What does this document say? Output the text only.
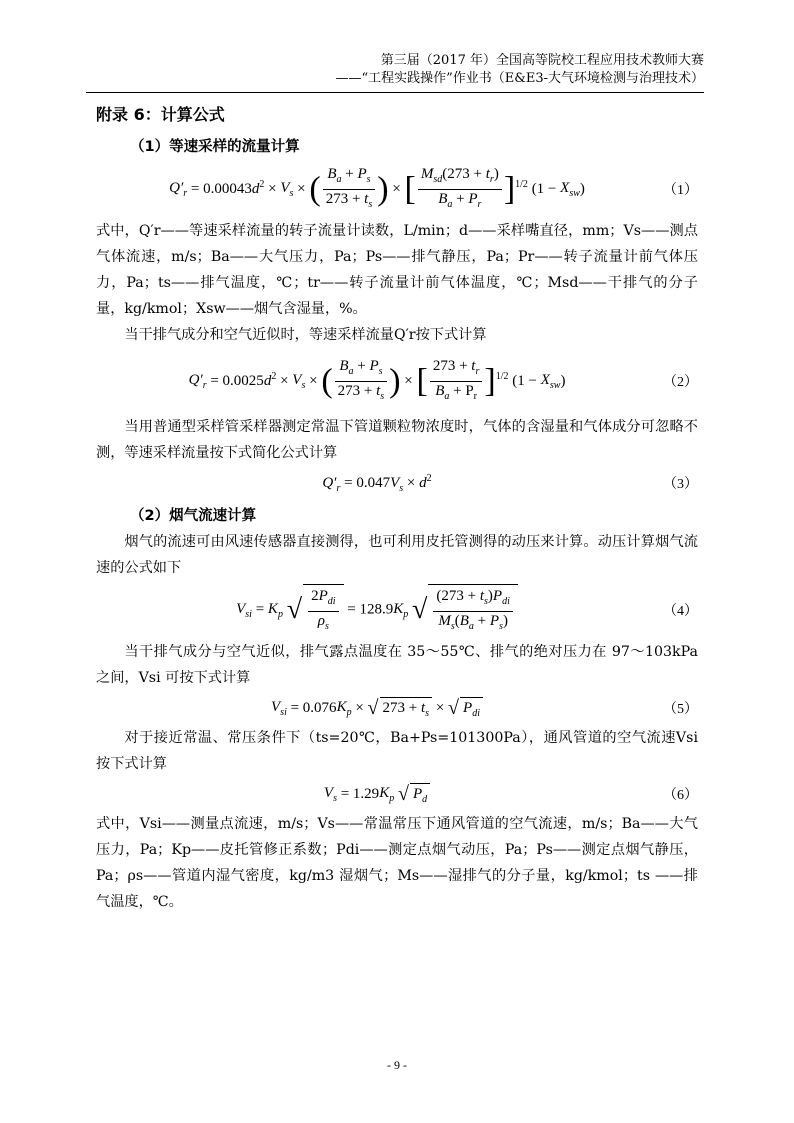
第三届（2017 年）全国高等院校工程应用技术教师大赛
——“工程实践操作”作业书（E&E3-大气环境检测与治理技术）
附录 6：计算公式
（1）等速采样的流量计算
$Q'_r = 0.00043d^2 \times V_s$ × ( $\frac{B_a + P_s}{273 + t_s}$ ) × [ $\frac{M_{sd}(273 + t_r)}{B_a + P_r} ]^{1/2}$ $(1 - X_{sw})$	（1）

式中，Q′r——等速采样流量的转子流量计读数，L/min；d——采样嘴直径，mm；Vs——测点气体流速，m/s；Ba——大气压力，Pa；Ps——排气静压，Pa；Pr——转子流量计前气体压力，Pa；ts——排气温度，℃；tr——转子流量计前气体温度，℃；Msd——干排气的分子量，kg/kmol；Xsw——烟气含湿量，%。

当干排气成分和空气近似时，等速采样流量Q′r按下式计算

$Q'_r = 0.0025d^2 \times V_s$ × ( $\frac{B_a + P_s}{273 + t_s}$ ) × [ $\frac{273 + t_r}{B_a + P_r} ]^{1/2}$ $(1 - X_{sw})$	（2）

当用普通型采样管采样器测定常温下管道颗粒物浓度时，气体的含湿量和气体成分可忽略不测，等速采样流量按下式简化公式计算

$Q'_r = 0.047V_s \times d^2$	（3）
（2）烟气流速计算

烟气的流速可由风速传感器直接测得，也可利用皮托管测得的动压来计算。动压计算烟气流速的公式如下

$V_{si} = K_p$ √ $\frac{2P_{di}}{\rho_s} = 128.9K_p$ √ $\frac{(273 + t_s)P_{di}}{M_s(B_a + P_s)}$	（4）

当干排气成分与空气近似，排气露点温度在 35～55℃、排气的绝对压力在 97～103kPa 之间，Vsi 可按下式计算

$V_{si} = 0.076K_p$ × √ $273 + t_s$ × √ $P_{di}$	（5）

对于接近常温、常压条件下（ts=20℃，Ba+Ps=101300Pa），通风管道的空气流速Vsi 按下式计算

$V_s = 1.29K_p$ √ $P_d$	（6）

式中，Vsi——测量点流速，m/s；Vs——常温常压下通风管道的空气流速，m/s；Ba——大气压力，Pa；Kp——皮托管修正系数；Pdi——测定点烟气动压，Pa；Ps——测定点烟气静压，Pa；ρs——管道内湿气密度，kg/m3 湿烟气；Ms——湿排气的分子量，kg/kmol；ts ——排气温度，℃。

- 9 -
